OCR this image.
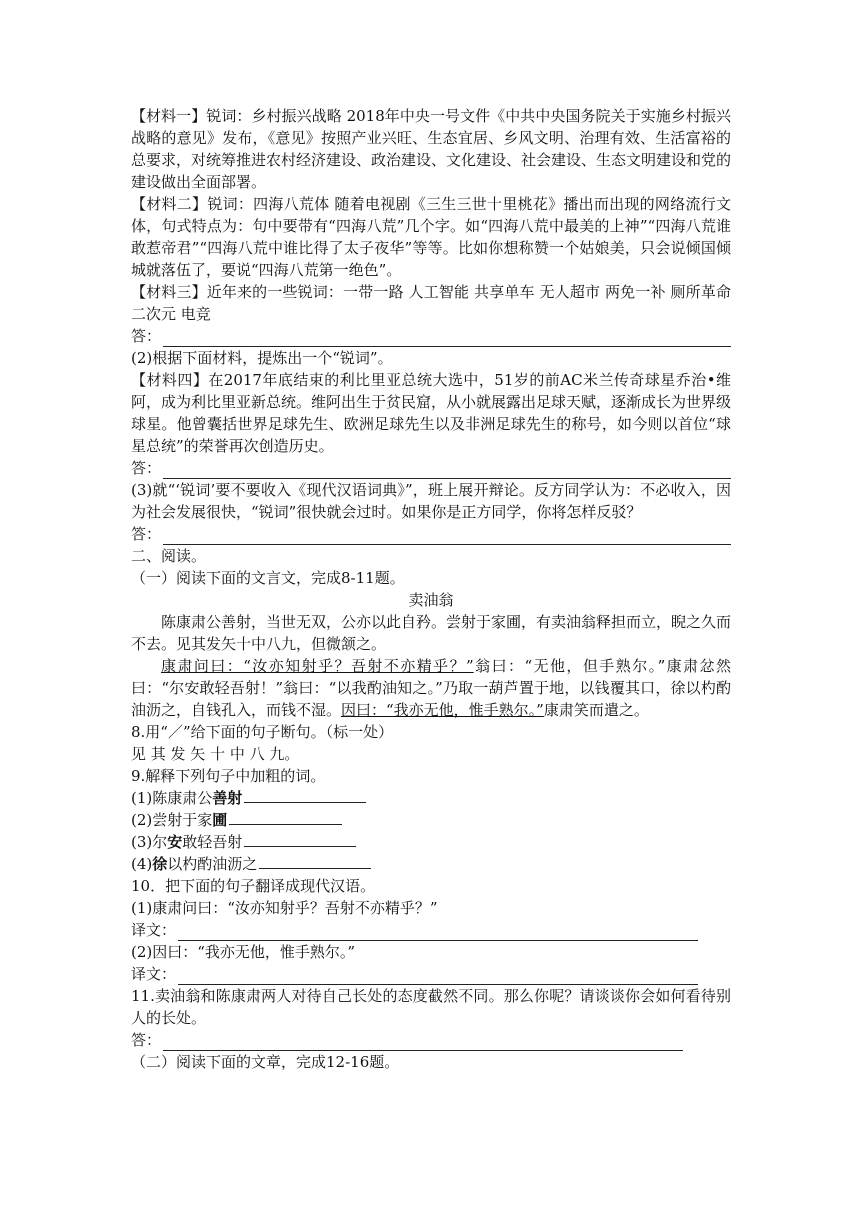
【材料一】锐词：乡村振兴战略 2018年中央一号文件《中共中央国务院关于实施乡村振兴战略的意见》发布，《意见》按照产业兴旺、生态宜居、乡风文明、治理有效、生活富裕的总要求，对统筹推进农村经济建设、政治建设、文化建设、社会建设、生态文明建设和党的建设做出全面部署。

【材料二】锐词：四海八荒体 随着电视剧《三生三世十里桃花》播出而出现的网络流行文体，句式特点为：句中要带有“四海八荒”几个字。如“四海八荒中最美的上神”“四海八荒谁敢惹帝君”“四海八荒中谁比得了太子夜华”等等。比如你想称赞一个姑娘美，只会说倾国倾城就落伍了，要说“四海八荒第一绝色”。

【材料三】近年来的一些锐词：一带一路 人工智能 共享单车 无人超市 两免一补 厕所革命 二次元 电竞

答：

(2)根据下面材料，提炼出一个“锐词”。

【材料四】在2017年底结束的利比里亚总统大选中，51岁的前AC米兰传奇球星乔治•维阿，成为利比里亚新总统。维阿出生于贫民窟，从小就展露出足球天赋，逐渐成长为世界级球星。他曾囊括世界足球先生、欧洲足球先生以及非洲足球先生的称号，如今则以首位“球星总统”的荣誉再次创造历史。

答：

(3)就“‘锐词’要不要收入《现代汉语词典》”，班上展开辩论。反方同学认为：不必收入，因为社会发展很快，“锐词”很快就会过时。如果你是正方同学，你将怎样反驳？

答：

二、阅读。

（一）阅读下面的文言文，完成8-11题。

卖油翁

陈康肃公善射，当世无双，公亦以此自矜。尝射于家圃，有卖油翁释担而立，睨之久而不去。见其发矢十中八九，但微颔之。

康肃问曰：“汝亦知射乎？吾射不亦精乎？”翁曰：“无他，但手熟尔。”康肃忿然曰：“尔安敢轻吾射！”翁曰：“以我酌油知之。”乃取一葫芦置于地，以钱覆其口，徐以杓酌油沥之，自钱孔入，而钱不湿。因曰：“我亦无他，惟手熟尔。”康肃笑而遣之。

8.用“／”给下面的句子断句。（标一处）

见 其 发 矢 十 中 八 九。

9.解释下列句子中加粗的词。

(1)陈康肃公善射

(2)尝射于家圃

(3)尔安敢轻吾射

(4)徐以杓酌油沥之

10．把下面的句子翻译成现代汉语。

(1)康肃问曰：“汝亦知射乎？吾射不亦精乎？”

译文：

(2)因曰：“我亦无他，惟手熟尔。”

译文：

11.卖油翁和陈康肃两人对待自己长处的态度截然不同。那么你呢？请谈谈你会如何看待别人的长处。

答：

（二）阅读下面的文章，完成12-16题。
